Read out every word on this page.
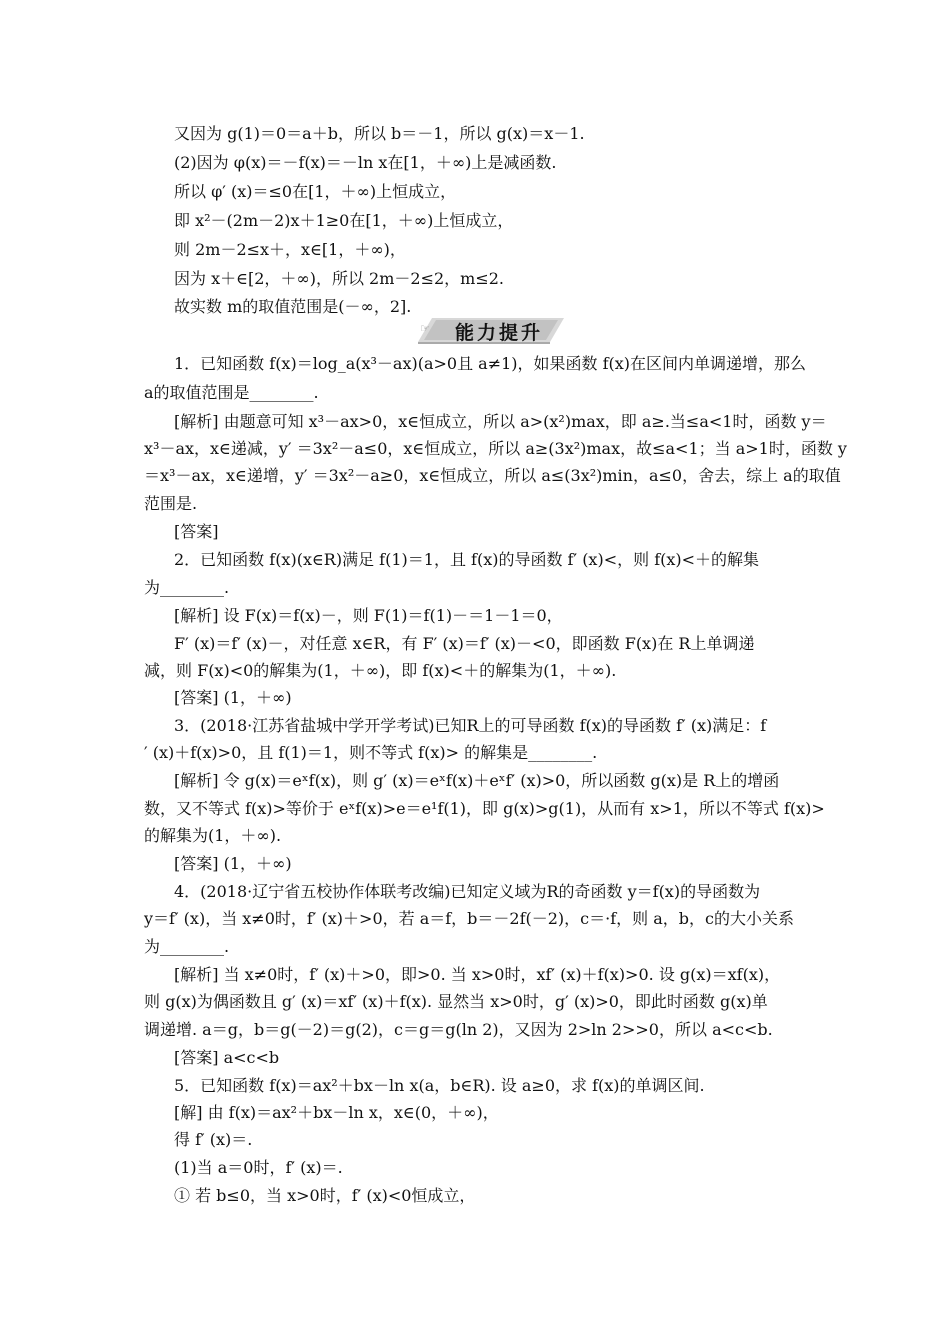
又因为 g(1)＝0＝a＋b，所以 b＝－1，所以 g(x)＝x－1.
(2)因为 φ(x)＝－f(x)＝－ln x在[1，＋∞)上是减函数.
所以 φ′ (x)＝≤0在[1，＋∞)上恒成立，
即 x²－(2m－2)x＋1≥0在[1，＋∞)上恒成立，
则 2m－2≤x＋，x∈[1，＋∞)，
因为 x＋∈[2，＋∞)，所以 2m－2≤2，m≤2.
故实数 m的取值范围是(－∞，2].
☞	能力提升
1．已知函数 f(x)＝log_a(x³－ax)(a>0且 a≠1)，如果函数 f(x)在区间内单调递增，那么
a的取值范围是________.
[解析] 由题意可知 x³－ax>0，x∈恒成立，所以 a>(x²)max，即 a≥.当≤a<1时，函数 y＝
x³－ax，x∈递减，y′ ＝3x²－a≤0，x∈恒成立，所以 a≥(3x²)max，故≤a<1；当 a>1时，函数 y
＝x³－ax，x∈递增，y′ ＝3x²－a≥0，x∈恒成立，所以 a≤(3x²)min，a≤0，舍去，综上 a的取值
范围是.
[答案]
2．已知函数 f(x)(x∈R)满足 f(1)＝1，且 f(x)的导函数 f′ (x)<，则 f(x)<＋的解集
为________.
[解析] 设 F(x)＝f(x)－，则 F(1)＝f(1)－＝1－1＝0，
F′ (x)＝f′ (x)－，对任意 x∈R，有 F′ (x)＝f′ (x)－<0，即函数 F(x)在 R上单调递
减，则 F(x)<0的解集为(1，＋∞)，即 f(x)<＋的解集为(1，＋∞).
[答案] (1，＋∞)
3．(2018·江苏省盐城中学开学考试)已知R上的可导函数 f(x)的导函数 f′ (x)满足：f
′ (x)＋f(x)>0，且 f(1)＝1，则不等式 f(x)> 的解集是________.
[解析] 令 g(x)＝eˣf(x)，则 g′ (x)＝eˣf(x)＋eˣf′ (x)>0，所以函数 g(x)是 R上的增函
数，又不等式 f(x)>等价于 eˣf(x)>e＝e¹f(1)，即 g(x)>g(1)，从而有 x>1，所以不等式 f(x)>
的解集为(1，＋∞).
[答案] (1，＋∞)
4．(2018·辽宁省五校协作体联考改编)已知定义域为R的奇函数 y＝f(x)的导函数为
y＝f′ (x)，当 x≠0时，f′ (x)＋>0，若 a＝f，b＝－2f(－2)，c＝·f，则 a，b，c的大小关系
为________.
[解析] 当 x≠0时，f′ (x)＋>0，即>0. 当 x>0时，xf′ (x)＋f(x)>0. 设 g(x)＝xf(x)，
则 g(x)为偶函数且 g′ (x)＝xf′ (x)＋f(x). 显然当 x>0时，g′ (x)>0，即此时函数 g(x)单
调递增. a＝g，b＝g(－2)＝g(2)，c＝g＝g(ln 2)，又因为 2>ln 2>>0，所以 a<c<b.
[答案] a<c<b
5．已知函数 f(x)＝ax²＋bx－ln x(a，b∈R). 设 a≥0，求 f(x)的单调区间.
[解] 由 f(x)＝ax²＋bx－ln x，x∈(0，＋∞)，
得 f′ (x)＝.
(1)当 a＝0时，f′ (x)＝.
① 若 b≤0，当 x>0时，f′ (x)<0恒成立，
